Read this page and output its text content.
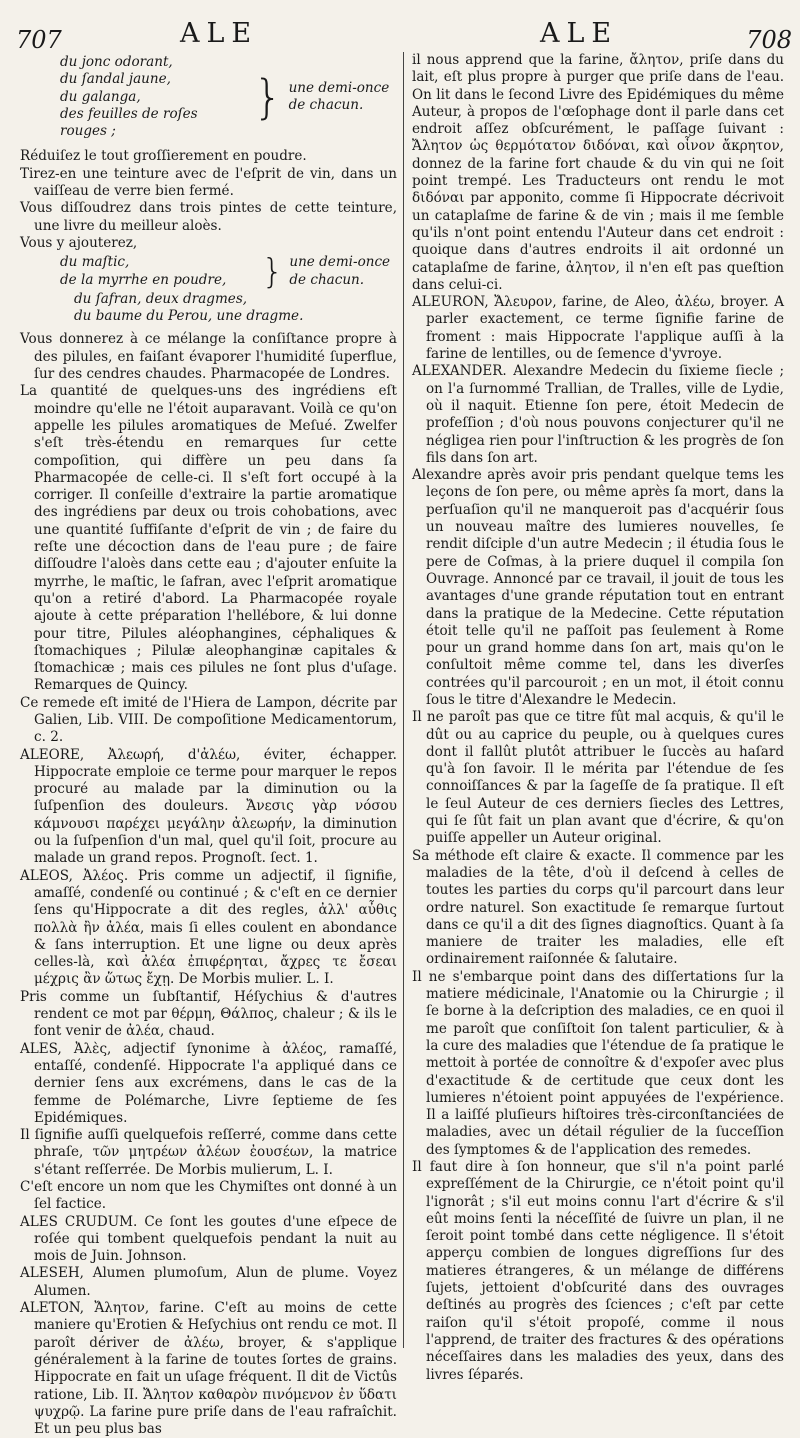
707	ALE	ALE	708
du jonc odorant,
du ſandal jaune,
du galanga,
des feuilles de roſes rouges ;
} une demi-once de chacun.

Réduiſez le tout groſſierement en poudre.

Tirez-en une teinture avec de l'eſprit de vin, dans un vaiſſeau de verre bien fermé.

Vous diſſoudrez dans trois pintes de cette teinture, une livre du meilleur aloès.

Vous y ajouterez,

du maſtic,
de la myrrhe en poudre,	} une demi-once de chacun.

du ſafran, deux dragmes,

du baume du Perou, une dragme.

Vous donnerez à ce mélange la conſiſtance propre à des pilules, en faiſant évaporer l'humidité ſuperflue, ſur des cendres chaudes. Pharmacopée de Londres.

La quantité de quelques-uns des ingrédiens eſt moindre qu'elle ne l'étoit auparavant. Voilà ce qu'on appelle les pilules aromatiques de Meſué. Zwelfer s'eſt très-étendu en remarques ſur cette compoſition, qui diffère un peu dans ſa Pharmacopée de celle-ci. Il s'eſt fort occupé à la corriger. Il conſeille d'extraire la partie aromatique des ingrédiens par deux ou trois cohobations, avec une quantité ſuffiſante d'eſprit de vin ; de faire du reſte une décoction dans de l'eau pure ; de faire diſſoudre l'aloès dans cette eau ; d'ajouter enſuite la myrrhe, le maſtic, le ſafran, avec l'eſprit aromatique qu'on a retiré d'abord. La Pharmacopée royale ajoute à cette préparation l'hellébore, & lui donne pour titre, Pilules aléophangines, céphaliques & ſtomachiques ; Pilulæ aleophanginæ capitales & ſtomachicæ ; mais ces pilules ne ſont plus d'uſage. Remarques de Quincy.

Ce remede eſt imité de l'Hiera de Lampon, décrite par Galien, Lib. VIII. De compoſitione Medicamentorum, c. 2.

ALEORE, Ἀλεωρή, d'ἀλέω, éviter, échapper. Hippocrate emploie ce terme pour marquer le repos procuré au malade par la diminution ou la ſuſpenſion des douleurs. Ἄνεσις γὰρ νόσου κάμνουσι παρέχει μεγάλην ἀλεωρήν, la diminution ou la ſuſpenſion d'un mal, quel qu'il ſoit, procure au malade un grand repos. Prognoſt. ſect. 1.

ALEOS, Ἀλέος. Pris comme un adjectif, il ſignifie, amaſſé, condenſé ou continué ; & c'eſt en ce dernier ſens qu'Hippocrate a dit des regles, ἀλλ' αὖθις πολλὰ ἢν ἀλέα, mais ſi elles coulent en abondance & ſans interruption. Et une ligne ou deux après celles-là, καὶ ἀλέα ἐπιφέρηται, ἄχρες τε ἔσεαι μέχρις ἂν ὥτως ἔχῃ. De Morbis mulier. L. I.

Pris comme un ſubſtantif, Héſychius & d'autres rendent ce mot par θέρμη, Θάλπος, chaleur ; & ils le font venir de ἀλέα, chaud.

ALES, Ἀλὲς, adjectif ſynonime à ἀλέος, ramaſſé, entaſſé, condenſé. Hippocrate l'a appliqué dans ce dernier ſens aux excrémens, dans le cas de la femme de Polémarche, Livre ſeptieme de ſes Epidémiques.

Il ſignifie auſſi quelquefois reſſerré, comme dans cette phraſe, τῶν μητρέων ἀλέων ἐουσέων, la matrice s'étant reſſerrée. De Morbis mulierum, L. I.

C'eſt encore un nom que les Chymiſtes ont donné à un ſel factice.

ALES CRUDUM. Ce ſont les goutes d'une eſpece de roſée qui tombent quelquefois pendant la nuit au mois de Juin. Johnson.

ALESEH, Alumen plumoſum, Alun de plume. Voyez Alumen.

ALETON, Ἄλητον, farine. C'eſt au moins de cette maniere qu'Erotien & Heſychius ont rendu ce mot. Il paroît dériver de ἀλέω, broyer, & s'applique généralement à la farine de toutes ſortes de grains. Hippocrate en fait un uſage fréquent. Il dit de Victûs ratione, Lib. II. Ἄλητον καθαρὸν πινόμενον ἐν ὕδατι ψυχρῷ. La farine pure priſe dans de l'eau rafraîchit. Et un peu plus bas

il nous apprend que la farine, ἄλητον, priſe dans du lait, eſt plus propre à purger que priſe dans de l'eau. On lit dans le ſecond Livre des Epidémiques du même Auteur, à propos de l'œſophage dont il parle dans cet endroit aſſez obſcurément, le paſſage ſuivant : Ἄλητον ὡς θερμότατον διδόναι, καὶ οἶνον ἄκρητον, donnez de la farine fort chaude & du vin qui ne ſoit point trempé. Les Traducteurs ont rendu le mot διδόναι par apponito, comme ſi Hippocrate décrivoit un cataplaſme de farine & de vin ; mais il me ſemble qu'ils n'ont point entendu l'Auteur dans cet endroit : quoique dans d'autres endroits il ait ordonné un cataplaſme de farine, ἀλητον, il n'en eſt pas queſtion dans celui-ci.

ALEURON, Ἄλευρον, farine, de Aleo, ἀλέω, broyer. A parler exactement, ce terme ſignifie farine de froment : mais Hippocrate l'applique auſſi à la farine de lentilles, ou de ſemence d'yvroye.

ALEXANDER. Alexandre Medecin du ſixieme ſiecle ; on l'a ſurnommé Trallian, de Tralles, ville de Lydie, où il naquit. Etienne ſon pere, étoit Medecin de profeſſion ; d'où nous pouvons conjecturer qu'il ne négligea rien pour l'inſtruction & les progrès de ſon fils dans ſon art.

Alexandre après avoir pris pendant quelque tems les leçons de ſon pere, ou même après ſa mort, dans la perſuaſion qu'il ne manqueroit pas d'acquérir ſous un nouveau maître des lumieres nouvelles, ſe rendit diſciple d'un autre Medecin ; il étudia ſous le pere de Coſmas, à la priere duquel il compila ſon Ouvrage. Annoncé par ce travail, il jouit de tous les avantages d'une grande réputation tout en entrant dans la pratique de la Medecine. Cette réputation étoit telle qu'il ne paſſoit pas ſeulement à Rome pour un grand homme dans ſon art, mais qu'on le conſultoit même comme tel, dans les diverſes contrées qu'il parcouroit ; en un mot, il étoit connu ſous le titre d'Alexandre le Medecin.

Il ne paroît pas que ce titre fût mal acquis, & qu'il le dût ou au caprice du peuple, ou à quelques cures dont il fallût plutôt attribuer le ſuccès au haſard qu'à ſon ſavoir. Il le mérita par l'étendue de ſes connoiſſances & par la ſageſſe de ſa pratique. Il eſt le ſeul Auteur de ces derniers ſiecles des Lettres, qui ſe ſût fait un plan avant que d'écrire, & qu'on puiſſe appeller un Auteur original.

Sa méthode eſt claire & exacte. Il commence par les maladies de la tête, d'où il deſcend à celles de toutes les parties du corps qu'il parcourt dans leur ordre naturel. Son exactitude ſe remarque ſurtout dans ce qu'il a dit des ſignes diagnoſtics. Quant à ſa maniere de traiter les maladies, elle eſt ordinairement raiſonnée & ſalutaire.

Il ne s'embarque point dans des diſſertations ſur la matiere médicinale, l'Anatomie ou la Chirurgie ; il ſe borne à la deſcription des maladies, ce en quoi il me paroît que conſiſtoit ſon talent particulier, & à la cure des maladies que l'étendue de ſa pratique le mettoit à portée de connoître & d'expoſer avec plus d'exactitude & de certitude que ceux dont les lumieres n'étoient point appuyées de l'expérience. Il a laiſſé pluſieurs hiſtoires très-circonſtanciées de maladies, avec un détail régulier de la ſucceſſion des ſymptomes & de l'application des remedes.

Il faut dire à ſon honneur, que s'il n'a point parlé expreſſément de la Chirurgie, ce n'étoit point qu'il l'ignorât ; s'il eut moins connu l'art d'écrire & s'il eût moins ſenti la néceſſité de ſuivre un plan, il ne ſeroit point tombé dans cette négligence. Il s'étoit apperçu combien de longues digreſſions ſur des matieres étrangeres, & un mélange de différens ſujets, jettoient d'obſcurité dans des ouvrages deſtinés au progrès des ſciences ; c'eſt par cette raiſon qu'il s'étoit propoſé, comme il nous l'apprend, de traiter des fractures & des opérations néceſſaires dans les maladies des yeux, dans des livres ſéparés.
